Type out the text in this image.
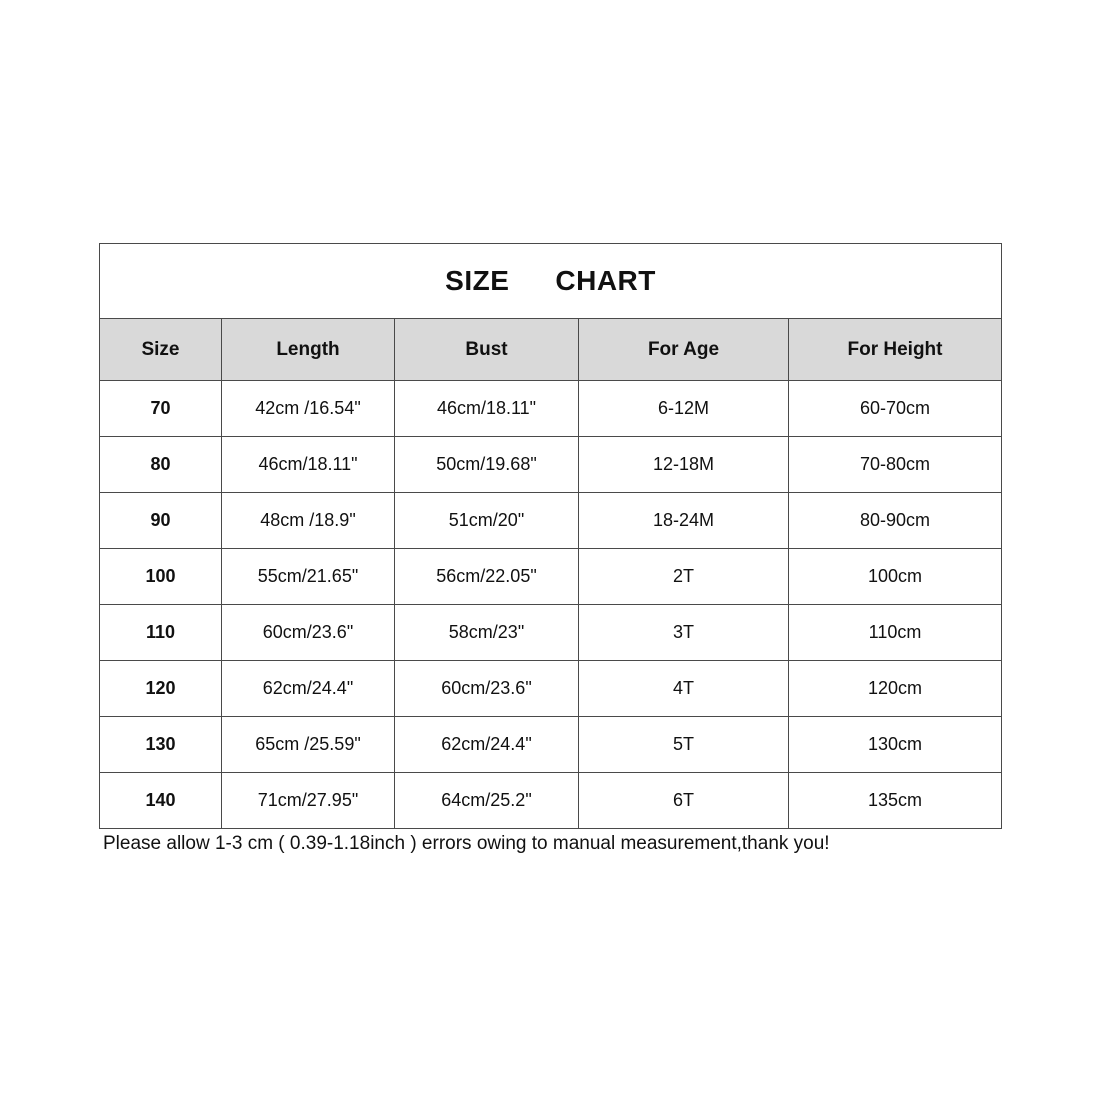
SIZE CHART				
Size	Length	Bust	For Age	For Height
70	42cm /16.54"	46cm/18.11"	6-12M	60-70cm
80	46cm/18.11"	50cm/19.68"	12-18M	70-80cm
90	48cm /18.9"	51cm/20"	18-24M	80-90cm
100	55cm/21.65"	56cm/22.05"	2T	100cm
110	60cm/23.6"	58cm/23"	3T	110cm
120	62cm/24.4"	60cm/23.6"	4T	120cm
130	65cm /25.59"	62cm/24.4"	5T	130cm
140	71cm/27.95"	64cm/25.2"	6T	135cm
Please allow 1-3 cm ( 0.39-1.18inch ) errors owing to manual measurement,thank you!
